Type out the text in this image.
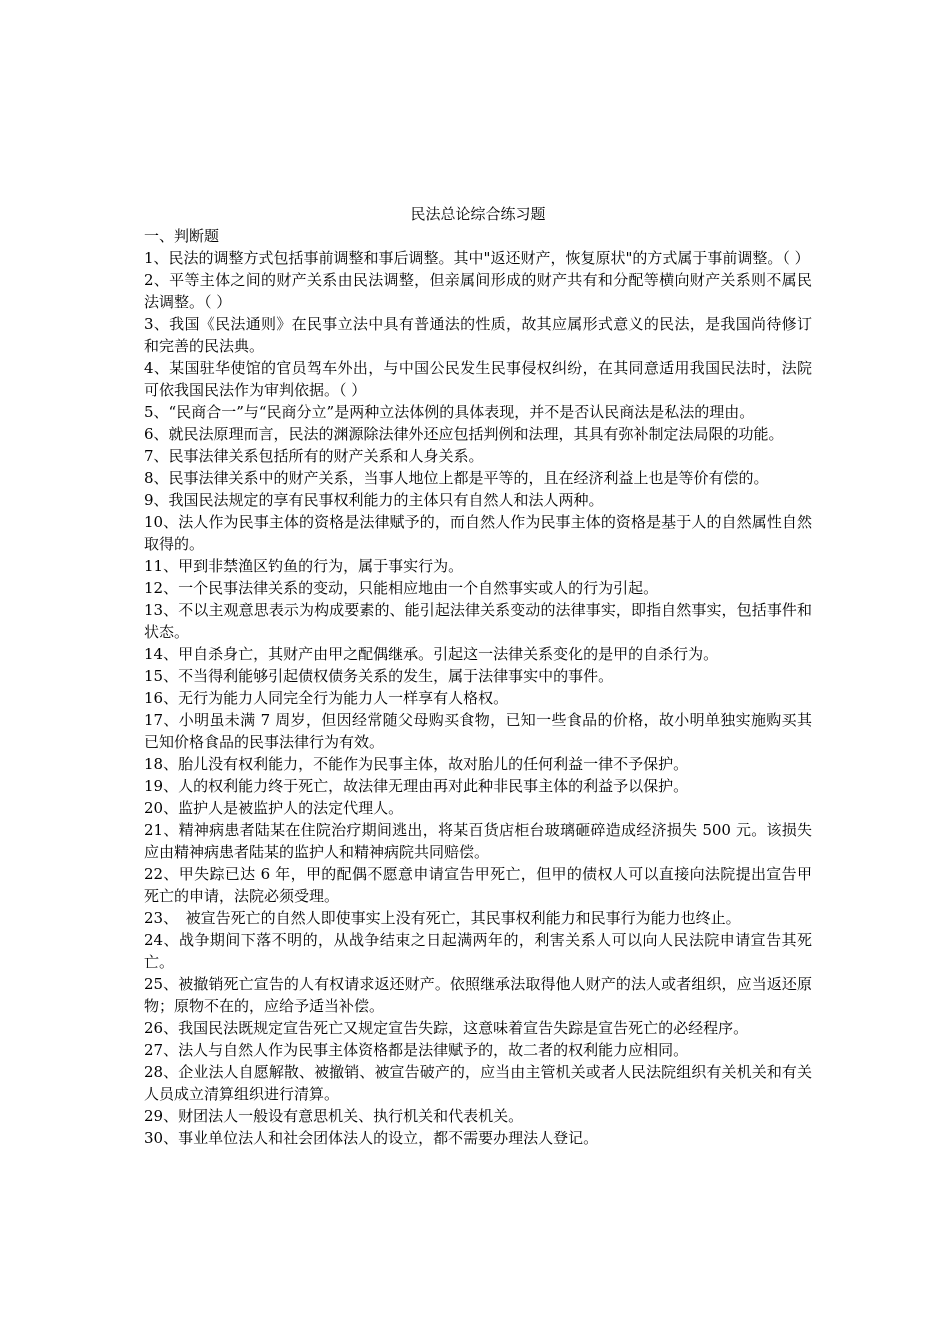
民法总论综合练习题

一、判断题

1、民法的调整方式包括事前调整和事后调整。其中"返还财产，恢复原状"的方式属于事前调整。（ ）

2、平等主体之间的财产关系由民法调整，但亲属间形成的财产共有和分配等横向财产关系则不属民法调整。（ ）

3、我国《民法通则》在民事立法中具有普通法的性质，故其应属形式意义的民法，是我国尚待修订和完善的民法典。

4、某国驻华使馆的官员驾车外出，与中国公民发生民事侵权纠纷，在其同意适用我国民法时，法院可依我国民法作为审判依据。（ ）

5、“民商合一”与“民商分立”是两种立法体例的具体表现，并不是否认民商法是私法的理由。

6、就民法原理而言，民法的渊源除法律外还应包括判例和法理，其具有弥补制定法局限的功能。

7、民事法律关系包括所有的财产关系和人身关系。

8、民事法律关系中的财产关系，当事人地位上都是平等的，且在经济利益上也是等价有偿的。

9、我国民法规定的享有民事权利能力的主体只有自然人和法人两种。

10、法人作为民事主体的资格是法律赋予的，而自然人作为民事主体的资格是基于人的自然属性自然取得的。

11、甲到非禁渔区钓鱼的行为，属于事实行为。

12、一个民事法律关系的变动，只能相应地由一个自然事实或人的行为引起。

13、不以主观意思表示为构成要素的、能引起法律关系变动的法律事实，即指自然事实，包括事件和状态。

14、甲自杀身亡，其财产由甲之配偶继承。引起这一法律关系变化的是甲的自杀行为。

15、不当得利能够引起债权债务关系的发生，属于法律事实中的事件。

16、无行为能力人同完全行为能力人一样享有人格权。

17、小明虽未满 7 周岁，但因经常随父母购买食物，已知一些食品的价格，故小明单独实施购买其已知价格食品的民事法律行为有效。

18、胎儿没有权利能力，不能作为民事主体，故对胎儿的任何利益一律不予保护。

19、人的权利能力终于死亡，故法律无理由再对此种非民事主体的利益予以保护。

20、监护人是被监护人的法定代理人。

21、精神病患者陆某在住院治疗期间逃出，将某百货店柜台玻璃砸碎造成经济损失 500 元。该损失应由精神病患者陆某的监护人和精神病院共同赔偿。

22、甲失踪已达 6 年，甲的配偶不愿意申请宣告甲死亡，但甲的债权人可以直接向法院提出宣告甲死亡的申请，法院必须受理。

23、　被宣告死亡的自然人即使事实上没有死亡，其民事权利能力和民事行为能力也终止。

24、战争期间下落不明的，从战争结束之日起满两年的，利害关系人可以向人民法院申请宣告其死亡。

25、被撤销死亡宣告的人有权请求返还财产。依照继承法取得他人财产的法人或者组织，应当返还原物；原物不在的，应给予适当补偿。

26、我国民法既规定宣告死亡又规定宣告失踪，这意味着宣告失踪是宣告死亡的必经程序。

27、法人与自然人作为民事主体资格都是法律赋予的，故二者的权利能力应相同。

28、企业法人自愿解散、被撤销、被宣告破产的，应当由主管机关或者人民法院组织有关机关和有关人员成立清算组织进行清算。

29、财团法人一般设有意思机关、执行机关和代表机关。

30、事业单位法人和社会团体法人的设立，都不需要办理法人登记。
